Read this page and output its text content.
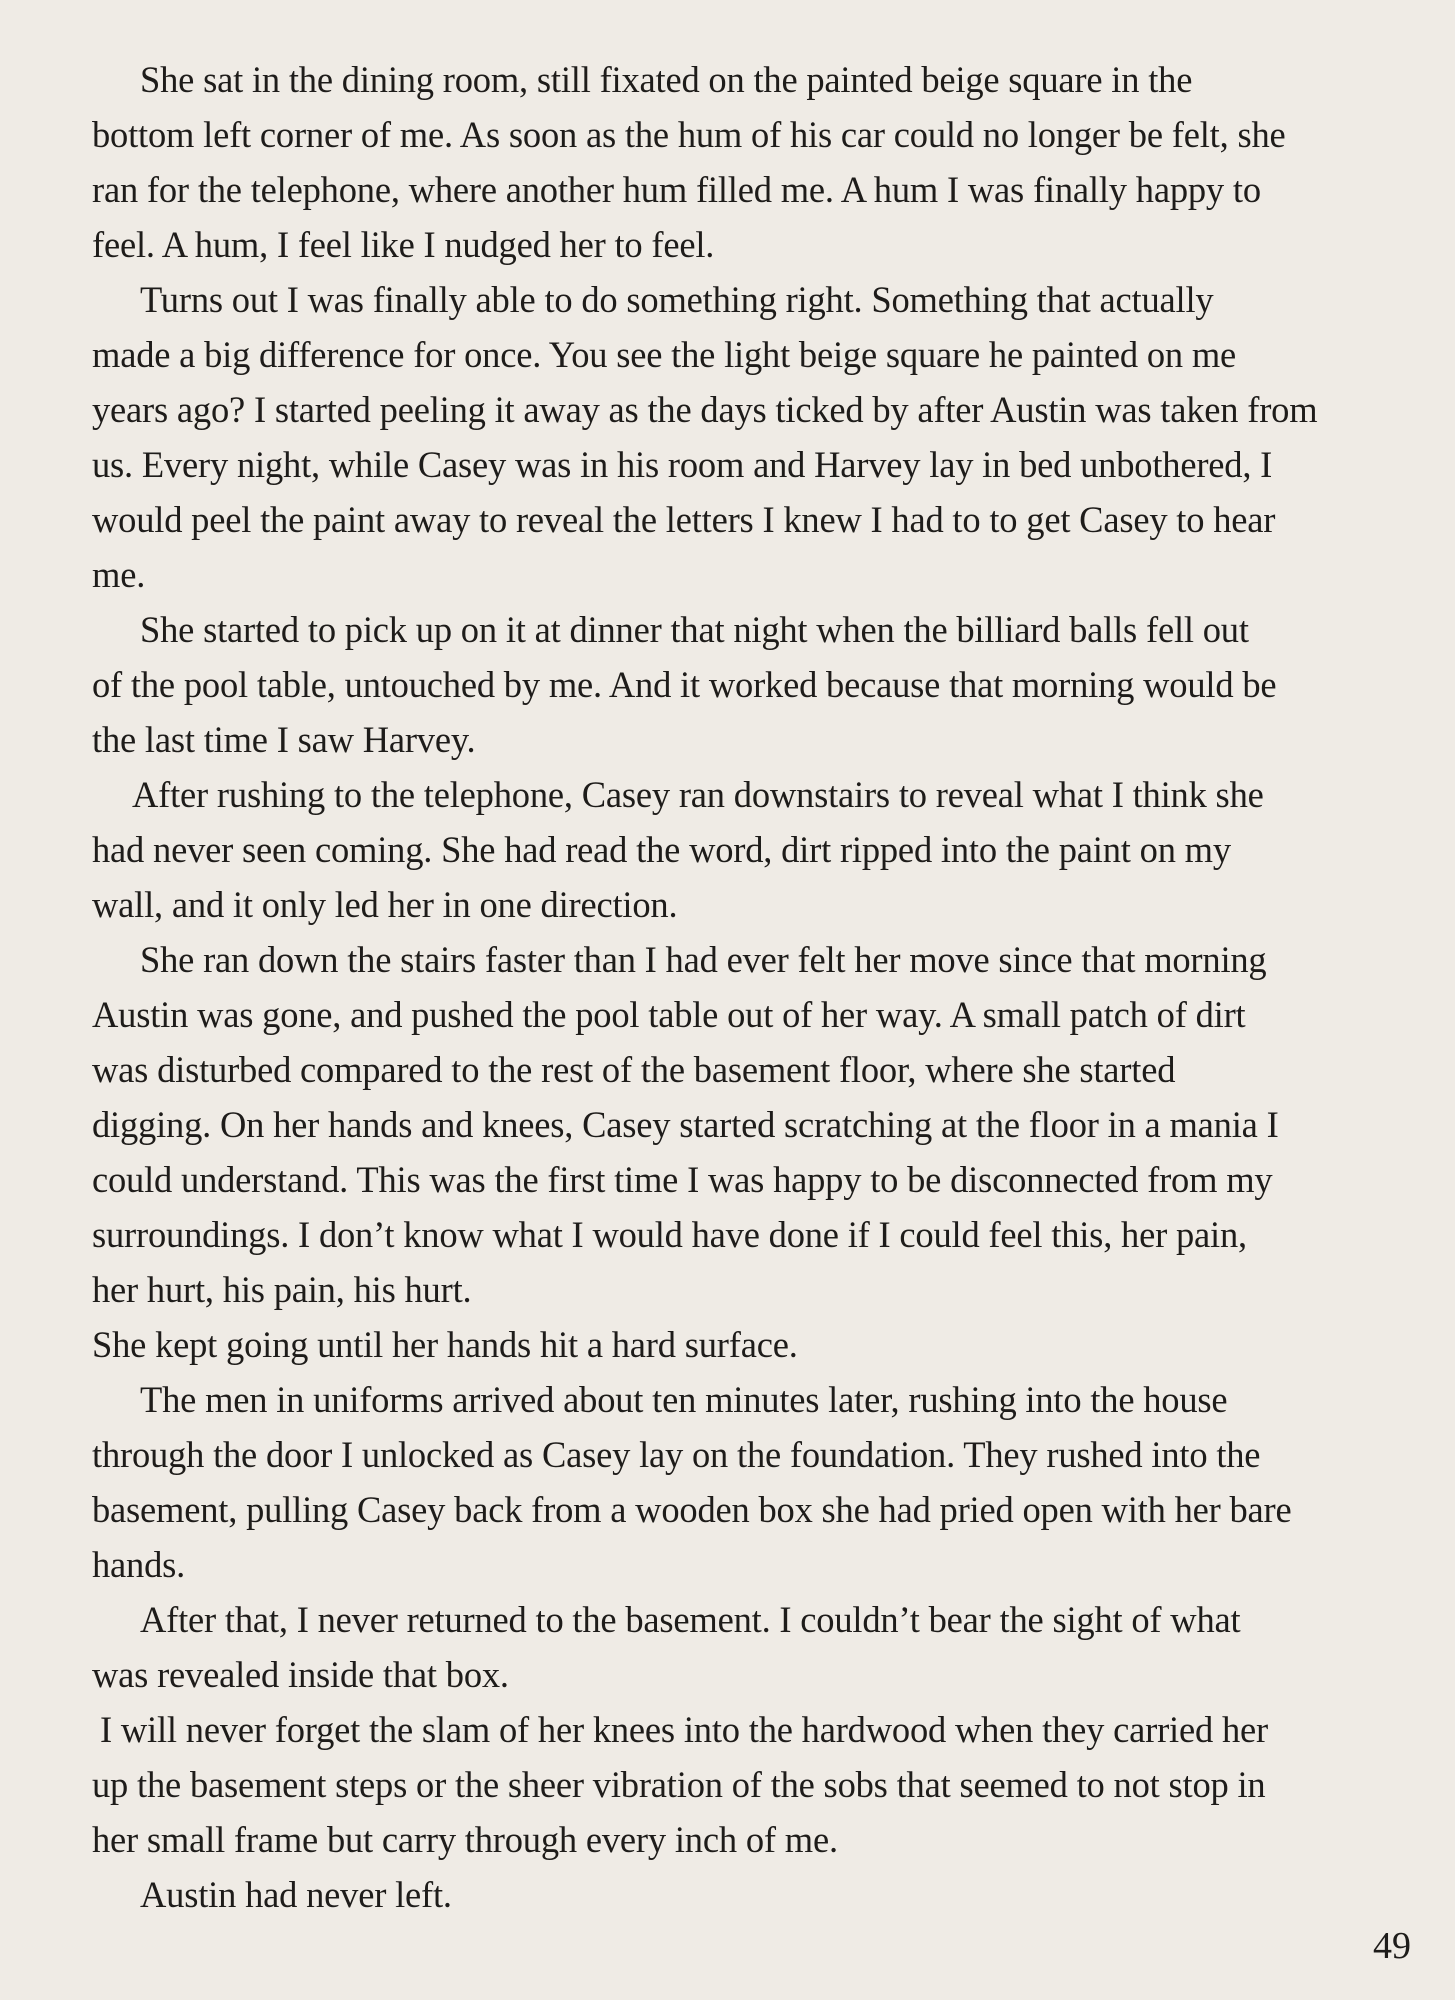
She sat in the dining room, still fixated on the painted beige square in the
bottom left corner of me. As soon as the hum of his car could no longer be felt, she
ran for the telephone, where another hum filled me. A hum I was finally happy to
feel. A hum, I feel like I nudged her to feel.
Turns out I was finally able to do something right. Something that actually
made a big difference for once. You see the light beige square he painted on me
years ago? I started peeling it away as the days ticked by after Austin was taken from
us. Every night, while Casey was in his room and Harvey lay in bed unbothered, I
would peel the paint away to reveal the letters I knew I had to to get Casey to hear
me.
She started to pick up on it at dinner that night when the billiard balls fell out
of the pool table, untouched by me. And it worked because that morning would be
the last time I saw Harvey.
After rushing to the telephone, Casey ran downstairs to reveal what I think she
had never seen coming. She had read the word, dirt ripped into the paint on my
wall, and it only led her in one direction.
She ran down the stairs faster than I had ever felt her move since that morning
Austin was gone, and pushed the pool table out of her way. A small patch of dirt
was disturbed compared to the rest of the basement floor, where she started
digging. On her hands and knees, Casey started scratching at the floor in a mania I
could understand. This was the first time I was happy to be disconnected from my
surroundings. I don’t know what I would have done if I could feel this, her pain,
her hurt, his pain, his hurt.
She kept going until her hands hit a hard surface.
The men in uniforms arrived about ten minutes later, rushing into the house
through the door I unlocked as Casey lay on the foundation. They rushed into the
basement, pulling Casey back from a wooden box she had pried open with her bare
hands.
After that, I never returned to the basement. I couldn’t bear the sight of what
was revealed inside that box.
I will never forget the slam of her knees into the hardwood when they carried her
up the basement steps or the sheer vibration of the sobs that seemed to not stop in
her small frame but carry through every inch of me.
Austin had never left.
49
